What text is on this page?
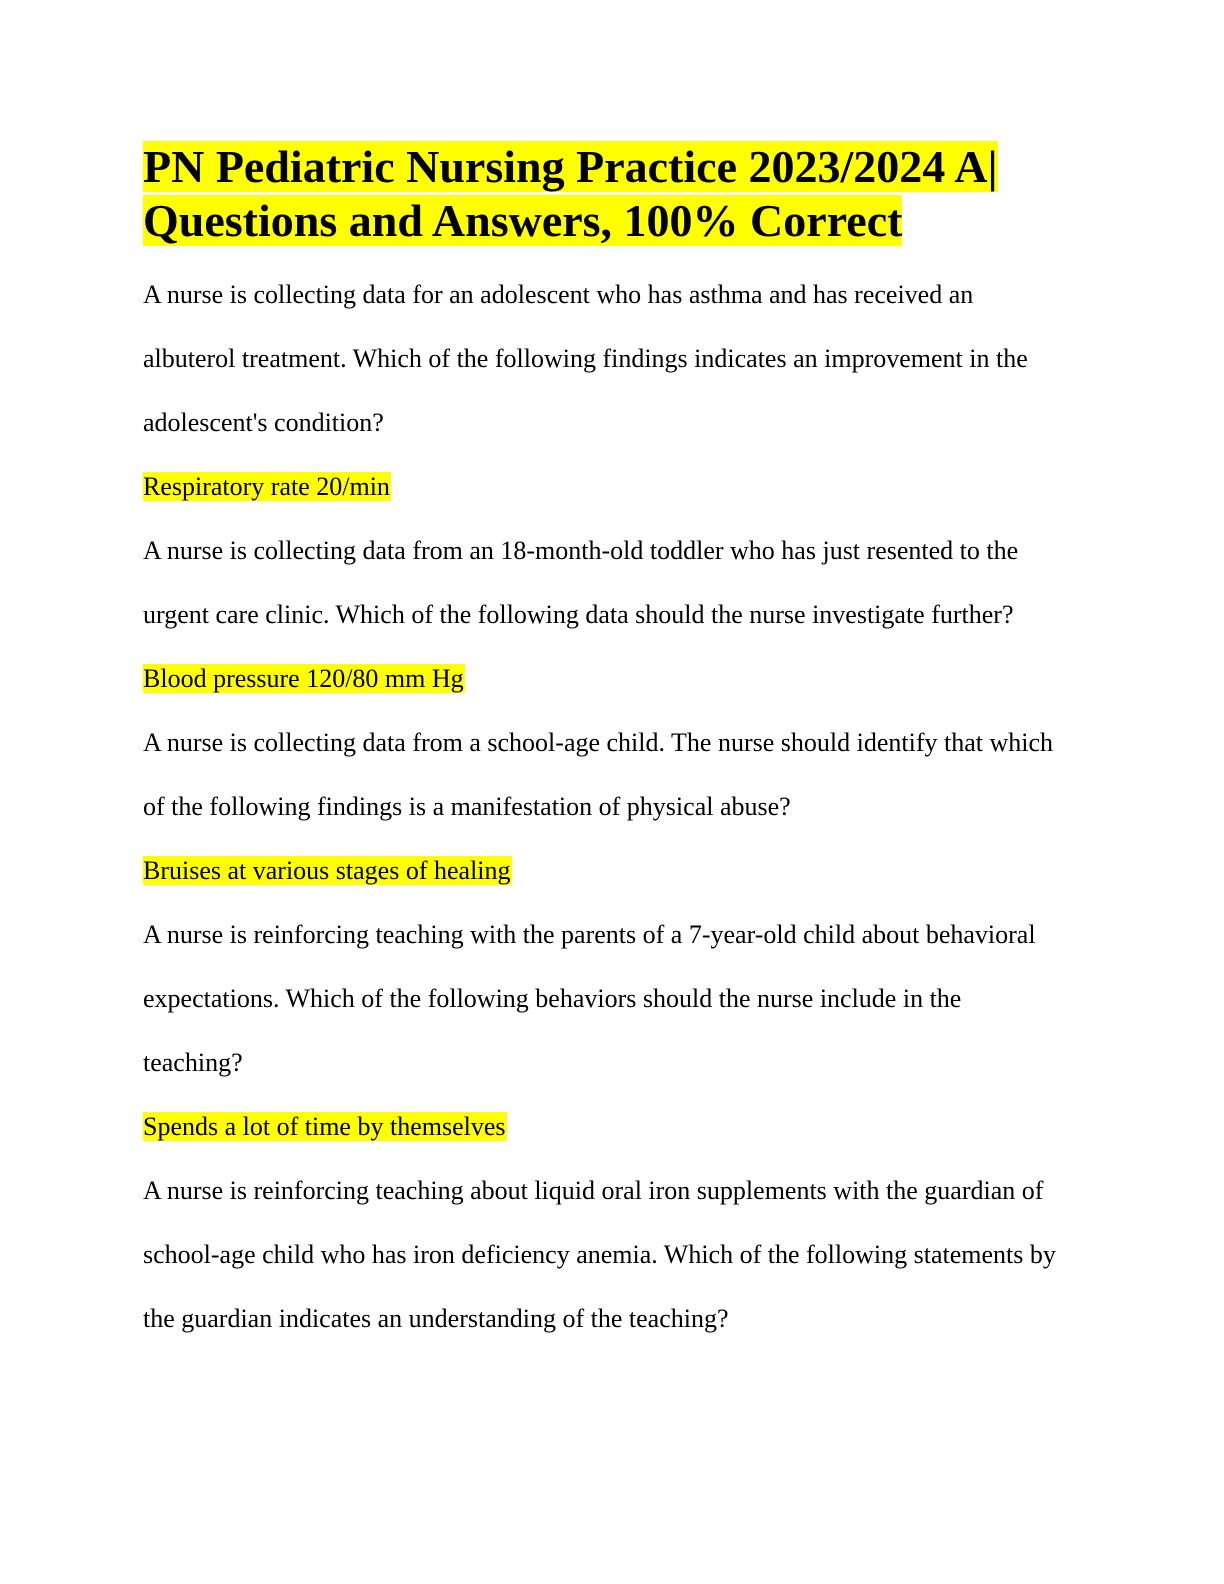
PN Pediatric Nursing Practice 2023/2024 A| Questions and Answers, 100% Correct

A nurse is collecting data for an adolescent who has asthma and has received an albuterol treatment. Which of the following findings indicates an improvement in the adolescent's condition?

Respiratory rate 20/min

A nurse is collecting data from an 18-month-old toddler who has just resented to the urgent care clinic. Which of the following data should the nurse investigate further?

Blood pressure 120/80 mm Hg

A nurse is collecting data from a school-age child. The nurse should identify that which of the following findings is a manifestation of physical abuse?

Bruises at various stages of healing

A nurse is reinforcing teaching with the parents of a 7-year-old child about behavioral expectations. Which of the following behaviors should the nurse include in the teaching?

Spends a lot of time by themselves

A nurse is reinforcing teaching about liquid oral iron supplements with the guardian of school-age child who has iron deficiency anemia. Which of the following statements by the guardian indicates an understanding of the teaching?
